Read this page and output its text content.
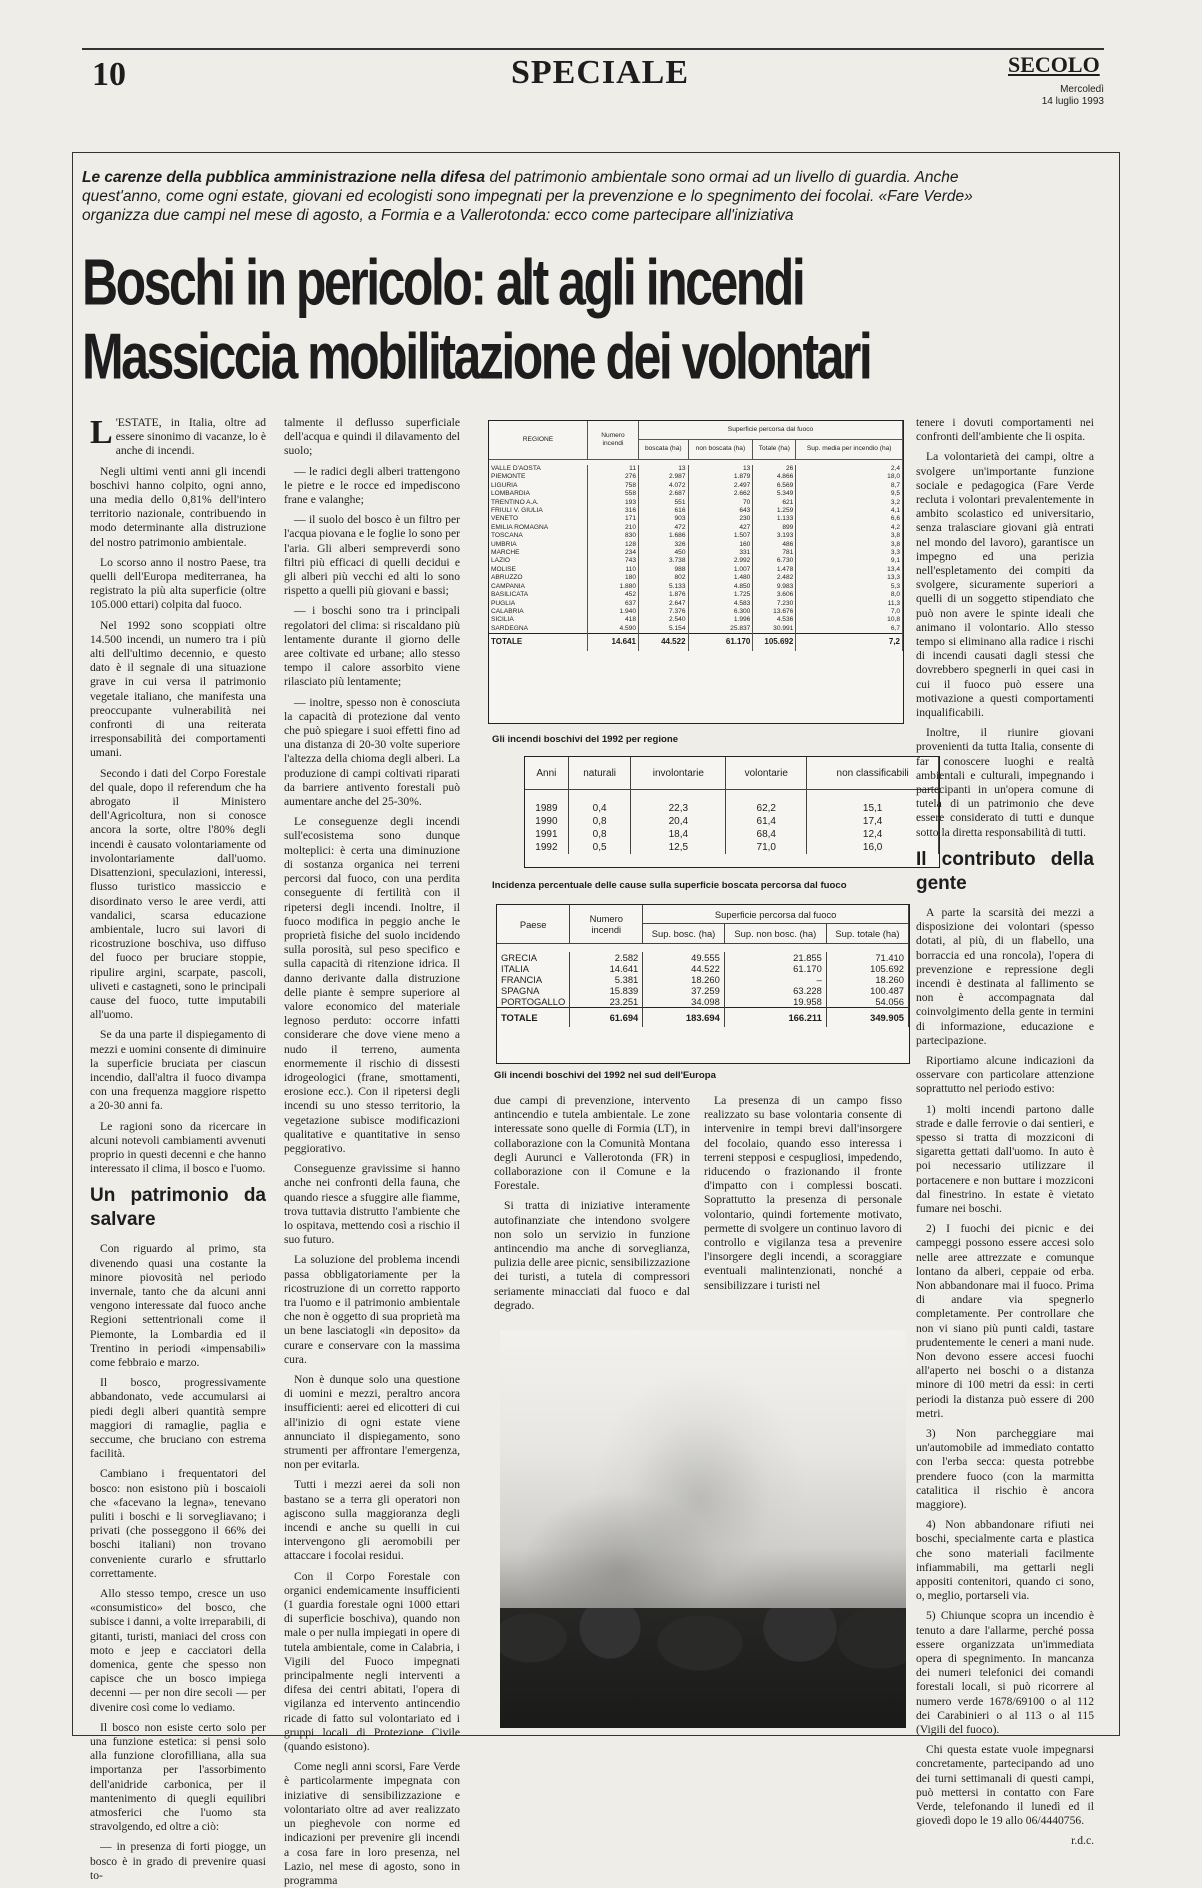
10	SPECIALE	SECOLO
Mercoledì
14 luglio 1993
Le carenze della pubblica amministrazione nella difesa del patrimonio ambientale sono ormai ad un livello di guardia. Anche quest'anno, come ogni estate, giovani ed ecologisti sono impegnati per la prevenzione e lo spegnimento dei focolai. «Fare Verde» organizza due campi nel mese di agosto, a Formia e a Vallerotonda: ecco come partecipare all'iniziativa
Boschi in pericolo: alt agli incendi
Massiccia mobilitazione dei volontari

L 'ESTATE, in Italia, oltre ad essere sinonimo di vacanze, lo è anche di incendi.

Negli ultimi venti anni gli incendi boschivi hanno colpito, ogni anno, una media dello 0,81% dell'intero territorio nazionale, contribuendo in modo determinante alla distruzione del nostro patrimonio ambientale.

Lo scorso anno il nostro Paese, tra quelli dell'Europa mediterranea, ha registrato la più alta superficie (oltre 105.000 ettari) colpita dal fuoco.

Nel 1992 sono scoppiati oltre 14.500 incendi, un numero tra i più alti dell'ultimo decennio, e questo dato è il segnale di una situazione grave in cui versa il patrimonio vegetale italiano, che manifesta una preoccupante vulnerabilità nei confronti di una reiterata irresponsabilità dei comportamenti umani.

Secondo i dati del Corpo Forestale del quale, dopo il referendum che ha abrogato il Ministero dell'Agricoltura, non si conosce ancora la sorte, oltre l'80% degli incendi è causato volontariamente od involontariamente dall'uomo. Disattenzioni, speculazioni, interessi, flusso turistico massiccio e disordinato verso le aree verdi, atti vandalici, scarsa educazione ambientale, lucro sui lavori di ricostruzione boschiva, uso diffuso del fuoco per bruciare stoppie, ripulire argini, scarpate, pascoli, uliveti e castagneti, sono le principali cause del fuoco, tutte imputabili all'uomo.

Se da una parte il dispiegamento di mezzi e uomini consente di diminuire la superficie bruciata per ciascun incendio, dall'altra il fuoco divampa con una frequenza maggiore rispetto a 20-30 anni fa.

Le ragioni sono da ricercare in alcuni notevoli cambiamenti avvenuti proprio in questi decenni e che hanno interessato il clima, il bosco e l'uomo.

Un patrimonio da salvare

Con riguardo al primo, sta divenendo quasi una costante la minore piovosità nel periodo invernale, tanto che da alcuni anni vengono interessate dal fuoco anche Regioni settentrionali come il Piemonte, la Lombardia ed il Trentino in periodi «impensabili» come febbraio e marzo.

Il bosco, progressivamente abbandonato, vede accumularsi ai piedi degli alberi quantità sempre maggiori di ramaglie, paglia e seccume, che bruciano con estrema facilità.

Cambiano i frequentatori del bosco: non esistono più i boscaioli che «facevano la legna», tenevano puliti i boschi e li sorvegliavano; i privati (che posseggono il 66% dei boschi italiani) non trovano conveniente curarlo e sfruttarlo correttamente.

Allo stesso tempo, cresce un uso «consumistico» del bosco, che subisce i danni, a volte irreparabili, di gitanti, turisti, maniaci del cross con moto e jeep e cacciatori della domenica, gente che spesso non capisce che un bosco impiega decenni — per non dire secoli — per divenire così come lo vediamo.

Il bosco non esiste certo solo per una funzione estetica: si pensi solo alla funzione clorofilliana, alla sua importanza per l'assorbimento dell'anidride carbonica, per il mantenimento di quegli equilibri atmosferici che l'uomo sta stravolgendo, ed oltre a ciò:

— in presenza di forti piogge, un bosco è in grado di prevenire quasi to-

talmente il deflusso superficiale dell'acqua e quindi il dilavamento del suolo;

— le radici degli alberi trattengono le pietre e le rocce ed impediscono frane e valanghe;

— il suolo del bosco è un filtro per l'acqua piovana e le foglie lo sono per l'aria. Gli alberi sempreverdi sono filtri più efficaci di quelli decidui e gli alberi più vecchi ed alti lo sono rispetto a quelli più giovani e bassi;

— i boschi sono tra i principali regolatori del clima: si riscaldano più lentamente durante il giorno delle aree coltivate ed urbane; allo stesso tempo il calore assorbito viene rilasciato più lentamente;

— inoltre, spesso non è conosciuta la capacità di protezione dal vento che può spiegare i suoi effetti fino ad una distanza di 20-30 volte superiore l'altezza della chioma degli alberi. La produzione di campi coltivati riparati da barriere antivento forestali può aumentare anche del 25-30%.

Le conseguenze degli incendi sull'ecosistema sono dunque molteplici: è certa una diminuzione di sostanza organica nei terreni percorsi dal fuoco, con una perdita conseguente di fertilità con il ripetersi degli incendi. Inoltre, il fuoco modifica in peggio anche le proprietà fisiche del suolo incidendo sulla porosità, sul peso specifico e sulla capacità di ritenzione idrica. Il danno derivante dalla distruzione delle piante è sempre superiore al valore economico del materiale legnoso perduto: occorre infatti considerare che dove viene meno a nudo il terreno, aumenta enormemente il rischio di dissesti idrogeologici (frane, smottamenti, erosione ecc.). Con il ripetersi degli incendi su uno stesso territorio, la vegetazione subisce modificazioni qualitative e quantitative in senso peggiorativo.

Conseguenze gravissime si hanno anche nei confronti della fauna, che quando riesce a sfuggire alle fiamme, trova tuttavia distrutto l'ambiente che lo ospitava, mettendo così a rischio il suo futuro.

La soluzione del problema incendi passa obbligatoriamente per la ricostruzione di un corretto rapporto tra l'uomo e il patrimonio ambientale che non è oggetto di sua proprietà ma un bene lasciatogli «in deposito» da curare e conservare con la massima cura.

Non è dunque solo una questione di uomini e mezzi, peraltro ancora insufficienti: aerei ed elicotteri di cui all'inizio di ogni estate viene annunciato il dispiegamento, sono strumenti per affrontare l'emergenza, non per evitarla.

Tutti i mezzi aerei da soli non bastano se a terra gli operatori non agiscono sulla maggioranza degli incendi e anche su quelli in cui intervengono gli aeromobili per attaccare i focolai residui.

Con il Corpo Forestale con organici endemicamente insufficienti (1 guardia forestale ogni 1000 ettari di superficie boschiva), quando non male o per nulla impiegati in opere di tutela ambientale, come in Calabria, i Vigili del Fuoco impegnati principalmente negli interventi a difesa dei centri abitati, l'opera di vigilanza ed intervento antincendio ricade di fatto sul volontariato ed i gruppi locali di Protezione Civile (quando esistono).

Come negli anni scorsi, Fare Verde è particolarmente impegnata con iniziative di sensibilizzazione e volontariato oltre ad aver realizzato un pieghevole con norme ed indicazioni per prevenire gli incendi a cosa fare in loro presenza, nel Lazio, nel mese di agosto, sono in programma

REGIONE	Numero incendi	Superficie percorsa dal fuoco			
		boscata (ha)	non boscata (ha)	Totale (ha)	Sup. media per incendio (ha)

VALLE D'AOSTA	11	13	13	26	2,4
PIEMONTE	276	2.987	1.879	4.866	18,0
LIGURIA	758	4.072	2.497	6.569	8,7
LOMBARDIA	558	2.687	2.662	5.349	9,5
TRENTINO A.A.	193	551	70	621	3,2
FRIULI V. GIULIA	316	616	643	1.259	4,1
VENETO	171	903	230	1.133	6,6
EMILIA ROMAGNA	210	472	427	899	4,2
TOSCANA	830	1.686	1.507	3.193	3,8
UMBRIA	128	326	160	486	3,8
MARCHE	234	450	331	781	3,3
LAZIO	743	3.738	2.992	6.730	9,1
MOLISE	110	988	1.007	1.478	13,4
ABRUZZO	180	802	1.480	2.482	13,3
CAMPANIA	1.880	5.133	4.850	9.983	5,3
BASILICATA	452	1.876	1.725	3.606	8,0
PUGLIA	637	2.647	4.583	7.230	11,3
CALABRIA	1.940	7.376	6.300	13.676	7,0
SICILIA	418	2.540	1.996	4.536	10,8
SARDEGNA	4.590	5.154	25.837	30.991	6,7
TOTALE	14.641	44.522	61.170	105.692	7,2
Gli incendi boschivi del 1992 per regione
Anni	naturali	involontarie	volontarie	non classificabili

1989	0,4	22,3	62,2	15,1
1990	0,8	20,4	61,4	17,4
1991	0,8	18,4	68,4	12,4
1992	0,5	12,5	71,0	16,0
Incidenza percentuale delle cause sulla superficie boscata percorsa dal fuoco
Paese	Numero incendi	Superficie percorsa dal fuoco		
		Sup. bosc. (ha)	Sup. non bosc. (ha)	Sup. totale (ha)

GRECIA	2.582	49.555	21.855	71.410
ITALIA	14.641	44.522	61.170	105.692
FRANCIA	5.381	18.260	–	18.260
SPAGNA	15.839	37.259	63.228	100.487
PORTOGALLO	23.251	34.098	19.958	54.056
TOTALE	61.694	183.694	166.211	349.905
Gli incendi boschivi del 1992 nel sud dell'Europa

due campi di prevenzione, intervento antincendio e tutela ambientale. Le zone interessate sono quelle di Formia (LT), in collaborazione con la Comunità Montana degli Aurunci e Vallerotonda (FR) in collaborazione con il Comune e la Forestale.

Si tratta di iniziative interamente autofinanziate che intendono svolgere non solo un servizio in funzione antincendio ma anche di sorveglianza, pulizia delle aree picnic, sensibilizzazione dei turisti, a tutela di compressori seriamente minacciati dal fuoco e dal degrado.

La presenza di un campo fisso realizzato su base volontaria consente di intervenire in tempi brevi dall'insorgere del focolaio, quando esso interessa i terreni stepposi e cespugliosi, impedendo, riducendo o frazionando il fronte d'impatto con i complessi boscati. Soprattutto la presenza di personale volontario, quindi fortemente motivato, permette di svolgere un continuo lavoro di controllo e vigilanza tesa a prevenire l'insorgere degli incendi, a scoraggiare eventuali malintenzionati, nonché a sensibilizzare i turisti nel

tenere i dovuti comportamenti nei confronti dell'ambiente che li ospita.

La volontarietà dei campi, oltre a svolgere un'importante funzione sociale e pedagogica (Fare Verde recluta i volontari prevalentemente in ambito scolastico ed universitario, senza tralasciare giovani già entrati nel mondo del lavoro), garantisce un impegno ed una perizia nell'espletamento dei compiti da svolgere, sicuramente superiori a quelli di un soggetto stipendiato che può non avere le spinte ideali che animano il volontario. Allo stesso tempo si eliminano alla radice i rischi di incendi causati dagli stessi che dovrebbero spegnerli in quei casi in cui il fuoco può essere una motivazione a questi comportamenti inqualificabili.

Inoltre, il riunire giovani provenienti da tutta Italia, consente di far conoscere luoghi e realtà ambientali e culturali, impegnando i partecipanti in un'opera comune di tutela di un patrimonio che deve essere considerato di tutti e dunque sotto la diretta responsabilità di tutti.

Il contributo della gente

A parte la scarsità dei mezzi a disposizione dei volontari (spesso dotati, al più, di un flabello, una borraccia ed una roncola), l'opera di prevenzione e repressione degli incendi è destinata al fallimento se non è accompagnata dal coinvolgimento della gente in termini di informazione, educazione e partecipazione.

Riportiamo alcune indicazioni da osservare con particolare attenzione soprattutto nel periodo estivo:

1) molti incendi partono dalle strade e dalle ferrovie o dai sentieri, e spesso si tratta di mozziconi di sigaretta gettati dall'uomo. In auto è poi necessario utilizzare il portacenere e non buttare i mozziconi dal finestrino. In estate è vietato fumare nei boschi.

2) I fuochi dei picnic e dei campeggi possono essere accesi solo nelle aree attrezzate e comunque lontano da alberi, ceppaie od erba. Non abbandonare mai il fuoco. Prima di andare via spegnerlo completamente. Per controllare che non vi siano più punti caldi, tastare prudentemente le ceneri a mani nude. Non devono essere accesi fuochi all'aperto nei boschi o a distanza minore di 100 metri da essi: in certi periodi la distanza può essere di 200 metri.

3) Non parcheggiare mai un'automobile ad immediato contatto con l'erba secca: questa potrebbe prendere fuoco (con la marmitta catalitica il rischio è ancora maggiore).

4) Non abbandonare rifiuti nei boschi, specialmente carta e plastica che sono materiali facilmente infiammabili, ma gettarli negli appositi contenitori, quando ci sono, o, meglio, portarseli via.

5) Chiunque scopra un incendio è tenuto a dare l'allarme, perché possa essere organizzata un'immediata opera di spegnimento. In mancanza dei numeri telefonici dei comandi forestali locali, si può ricorrere al numero verde 1678/69100 o al 112 dei Carabinieri o al 113 o al 115 (Vigili del fuoco).

Chi questa estate vuole impegnarsi concretamente, partecipando ad uno dei turni settimanali di questi campi, può mettersi in contatto con Fare Verde, telefonando il lunedì ed il giovedì dopo le 19 allo 06/4440756.

r.d.c.
